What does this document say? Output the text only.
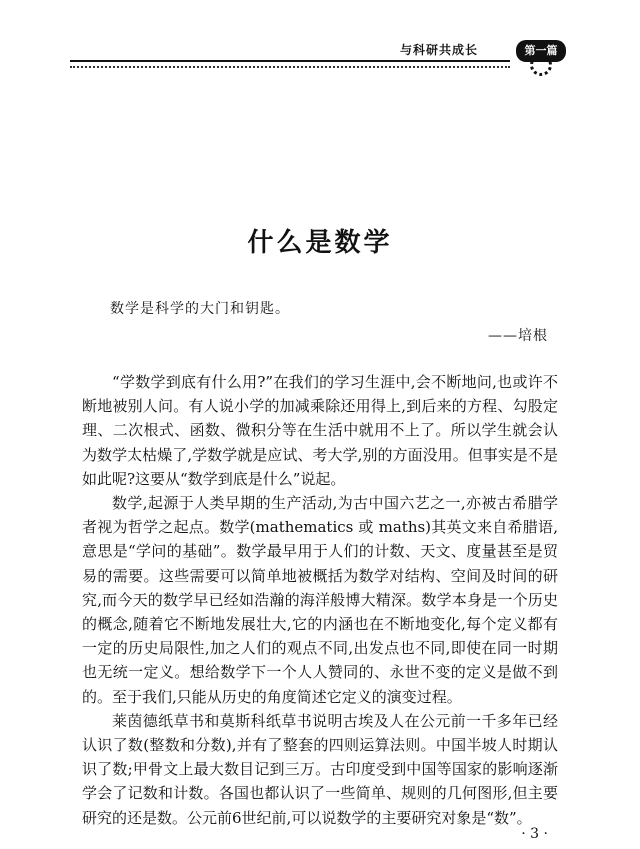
与科研共成长	第一篇
什么是数学
数学是科学的大门和钥匙。
——培根

“学数学到底有什么用?”在我们的学习生涯中,会不断地问,也或许不断地被别人问。有人说小学的加减乘除还用得上,到后来的方程、勾股定理、二次根式、函数、微积分等在生活中就用不上了。所以学生就会认为数学太枯燥了,学数学就是应试、考大学,别的方面没用。但事实是不是如此呢?这要从“数学到底是什么”说起。

数学,起源于人类早期的生产活动,为古中国六艺之一,亦被古希腊学者视为哲学之起点。数学(mathematics 或 maths)其英文来自希腊语,意思是“学问的基础”。数学最早用于人们的计数、天文、度量甚至是贸易的需要。这些需要可以简单地被概括为数学对结构、空间及时间的研究,而今天的数学早已经如浩瀚的海洋般博大精深。数学本身是一个历史的概念,随着它不断地发展壮大,它的内涵也在不断地变化,每个定义都有一定的历史局限性,加之人们的观点不同,出发点也不同,即使在同一时期也无统一定义。想给数学下一个人人赞同的、永世不变的定义是做不到的。至于我们,只能从历史的角度简述它定义的演变过程。

莱茵德纸草书和莫斯科纸草书说明古埃及人在公元前一千多年已经认识了数(整数和分数),并有了整套的四则运算法则。中国半坡人时期认识了数;甲骨文上最大数目记到三万。古印度受到中国等国家的影响逐渐学会了记数和计数。各国也都认识了一些简单、规则的几何图形,但主要研究的还是数。公元前6世纪前,可以说数学的主要研究对象是“数”。

· 3 ·
